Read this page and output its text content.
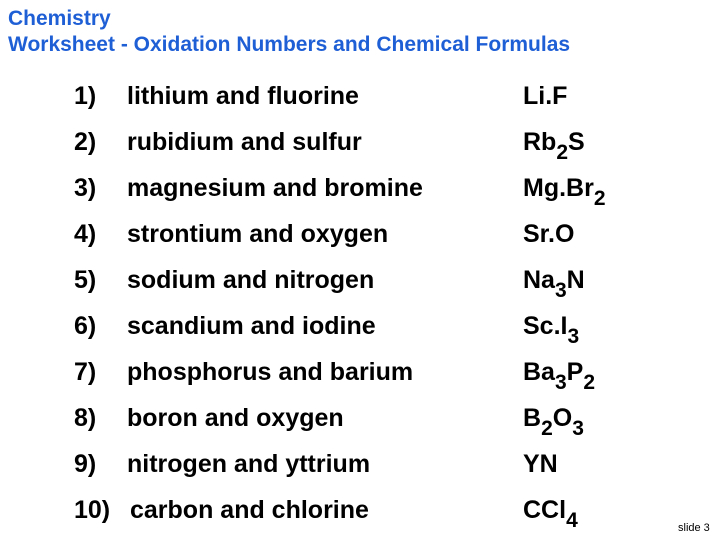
Chemistry
Worksheet - Oxidation Numbers and Chemical Formulas
1) lithium and fluorine	Li.F
2) rubidium and sulfur	$Rb_2S$
3) magnesium and bromine	$Mg.Br_2$
4) strontium and oxygen	Sr.O
5) sodium and nitrogen	$Na_3N$
6) scandium and iodine	$Sc.I_3$
7) phosphorus and barium	$Ba_3P_2$
8) boron and oxygen	$B_2O_3$
9) nitrogen and yttrium	YN
10) carbon and chlorine	CCl$_4$	slide 3
